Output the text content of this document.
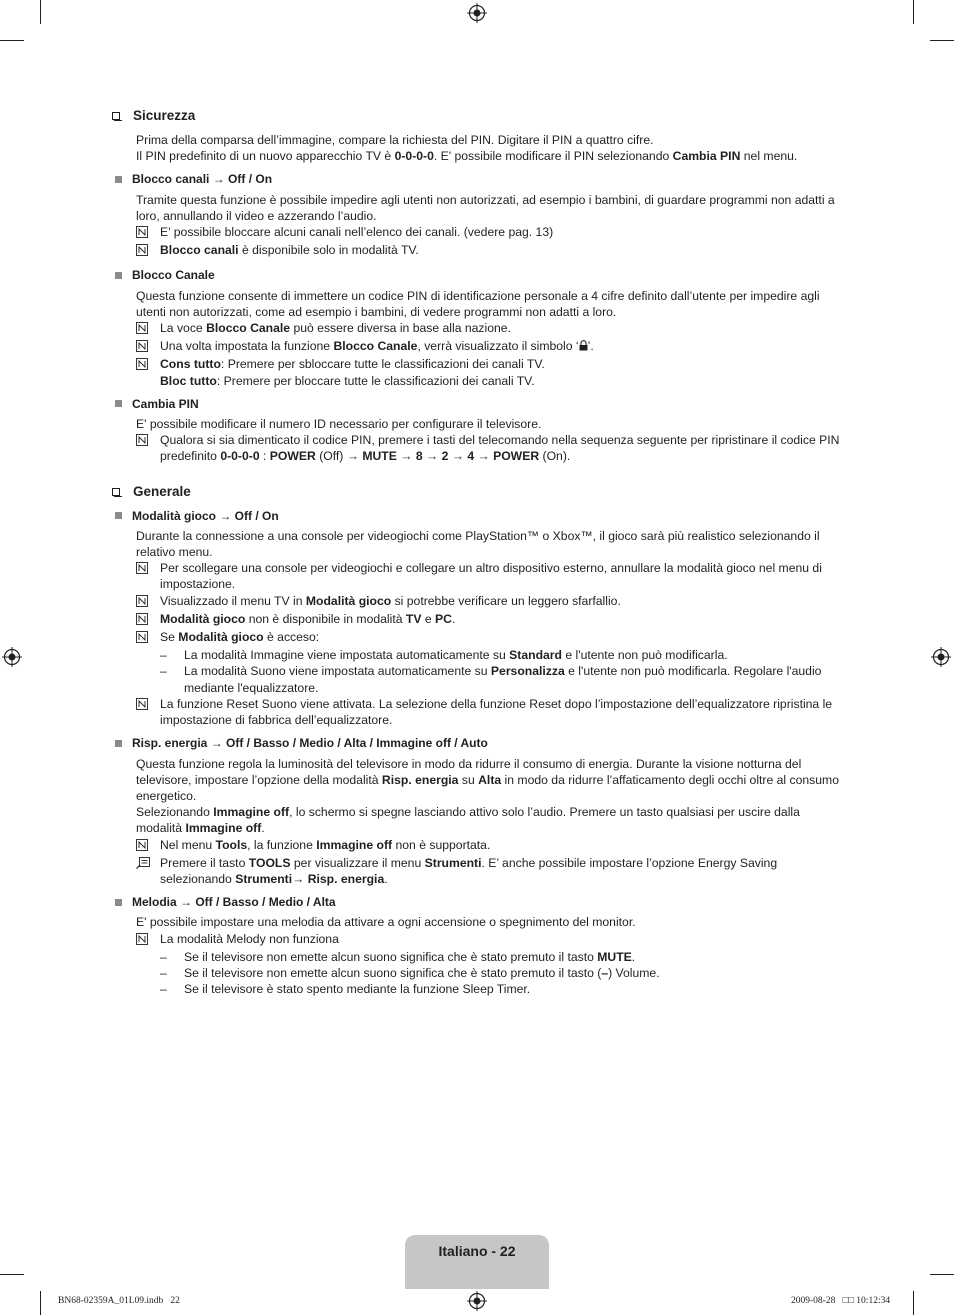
Sicurezza
Prima della comparsa dell’immagine, compare la richiesta del PIN. Digitare il PIN a quattro cifre.
Il PIN predefinito di un nuovo apparecchio TV è 0-0-0-0. E' possibile modificare il PIN selezionando Cambia PIN nel menu.
Blocco canali → Off / On
Tramite questa funzione è possibile impedire agli utenti non autorizzati, ad esempio i bambini, di guardare programmi non adatti a loro, annullando il video e azzerando l’audio.
E’ possibile bloccare alcuni canali nell’elenco dei canali. (vedere pag. 13)
Blocco canali è disponibile solo in modalità TV.
Blocco Canale
Questa funzione consente di immettere un codice PIN di identificazione personale a 4 cifre definito dall’utente per impedire agli utenti non autorizzati, come ad esempio i bambini, di vedere programmi non adatti a loro.
La voce Blocco Canale può essere diversa in base alla nazione.
Una volta impostata la funzione Blocco Canale, verrà visualizzato il simbolo ‘ ’.
Cons tutto: Premere per sbloccare tutte le classificazioni dei canali TV.
Bloc tutto: Premere per bloccare tutte le classificazioni dei canali TV.
Cambia PIN
E' possibile modificare il numero ID necessario per configurare il televisore.
Qualora si sia dimenticato il codice PIN, premere i tasti del telecomando nella sequenza seguente per ripristinare il codice PIN predefinito 0-0-0-0 : POWER (Off) → MUTE → 8 → 2 → 4 → POWER (On).
Generale
Modalità gioco → Off / On
Durante la connessione a una console per videogiochi come PlayStation™ o Xbox™, il gioco sarà più realistico selezionando il relativo menu.
Per scollegare una console per videogiochi e collegare un altro dispositivo esterno, annullare la modalità gioco nel menu di impostazione.
Visualizzado il menu TV in Modalità gioco si potrebbe verificare un leggero sfarfallio.
Modalità gioco non è disponibile in modalità TV e PC.
Se Modalità gioco è acceso:
–	La modalità Immagine viene impostata automaticamente su Standard e l'utente non può modificarla.
–	La modalità Suono viene impostata automaticamente su Personalizza e l'utente non può modificarla. Regolare l'audio mediante l'equalizzatore.
La funzione Reset Suono viene attivata. La selezione della funzione Reset dopo l’impostazione dell’equalizzatore ripristina le impostazione di fabbrica dell’equalizzatore.
Risp. energia → Off / Basso / Medio / Alta / Immagine off / Auto
Questa funzione regola la luminosità del televisore in modo da ridurre il consumo di energia. Durante la visione notturna del televisore, impostare l’opzione della modalità Risp. energia su Alta in modo da ridurre l’affaticamento degli occhi oltre al consumo energetico.
Selezionando Immagine off, lo schermo si spegne lasciando attivo solo l’audio. Premere un tasto qualsiasi per uscire dalla modalità Immagine off.
Nel menu Tools, la funzione Immagine off non è supportata.
Premere il tasto TOOLS per visualizzare il menu Strumenti. E’ anche possibile impostare l’opzione Energy Saving selezionando Strumenti→ Risp. energia.
Melodia → Off / Basso / Medio / Alta
E' possibile impostare una melodia da attivare a ogni accensione o spegnimento del monitor.
La modalità Melody non funziona
–	Se il televisore non emette alcun suono significa che è stato premuto il tasto MUTE.
–	Se il televisore non emette alcun suono significa che è stato premuto il tasto (–) Volume.
–	Se il televisore è stato spento mediante la funzione Sleep Timer.
Italiano - 22
BN68-02359A_01L09.indb   22	2009-08-28   □□ 10:12:34
